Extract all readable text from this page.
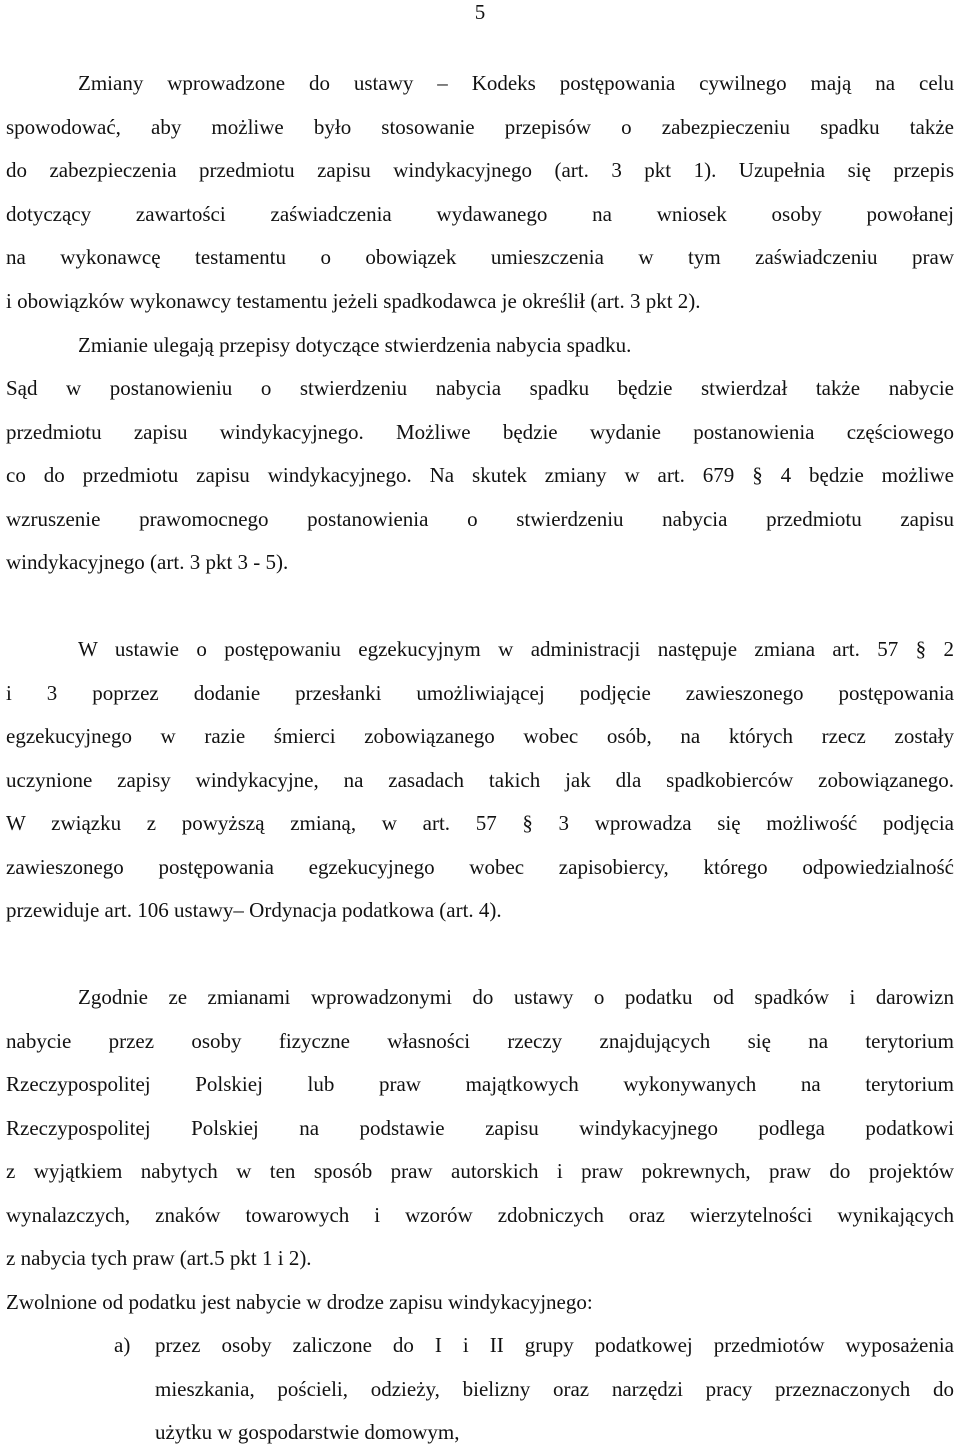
5
Zmiany wprowadzone do ustawy – Kodeks postępowania cywilnego mają na celu
spowodować, aby możliwe było stosowanie przepisów o zabezpieczeniu spadku także
do zabezpieczenia przedmiotu zapisu windykacyjnego (art. 3 pkt 1). Uzupełnia się przepis
dotyczący zawartości zaświadczenia wydawanego na wniosek osoby powołanej
na wykonawcę testamentu o obowiązek umieszczenia w tym zaświadczeniu praw
i obowiązków wykonawcy testamentu jeżeli spadkodawca je określił (art. 3 pkt 2).
Zmianie ulegają przepisy dotyczące stwierdzenia nabycia spadku.
Sąd w postanowieniu o stwierdzeniu nabycia spadku będzie stwierdzał także nabycie
przedmiotu zapisu windykacyjnego. Możliwe będzie wydanie postanowienia częściowego
co do przedmiotu zapisu windykacyjnego. Na skutek zmiany w art. 679 § 4 będzie możliwe
wzruszenie prawomocnego postanowienia o stwierdzeniu nabycia przedmiotu zapisu
windykacyjnego (art. 3 pkt 3 - 5).
W ustawie o postępowaniu egzekucyjnym w administracji następuje zmiana art. 57 § 2
i 3 poprzez dodanie przesłanki umożliwiającej podjęcie zawieszonego postępowania
egzekucyjnego w razie śmierci zobowiązanego wobec osób, na których rzecz zostały
uczynione zapisy windykacyjne, na zasadach takich jak dla spadkobierców zobowiązanego.
W związku z powyższą zmianą, w art. 57 § 3 wprowadza się możliwość podjęcia
zawieszonego postępowania egzekucyjnego wobec zapisobiercy, którego odpowiedzialność
przewiduje art. 106 ustawy– Ordynacja podatkowa (art. 4).
Zgodnie ze zmianami wprowadzonymi do ustawy o podatku od spadków i darowizn
nabycie przez osoby fizyczne własności rzeczy znajdujących się na terytorium
Rzeczypospolitej Polskiej lub praw majątkowych wykonywanych na terytorium
Rzeczypospolitej Polskiej na podstawie zapisu windykacyjnego podlega podatkowi
z wyjątkiem nabytych w ten sposób praw autorskich i praw pokrewnych, praw do projektów
wynalazczych, znaków towarowych i wzorów zdobniczych oraz wierzytelności wynikających
z nabycia tych praw (art.5 pkt 1 i 2).
Zwolnione od podatku jest nabycie w drodze zapisu windykacyjnego:
a)	przez osoby zaliczone do I i II grupy podatkowej przedmiotów wyposażenia
mieszkania, pościeli, odzieży, bielizny oraz narzędzi pracy przeznaczonych do
użytku w gospodarstwie domowym,
